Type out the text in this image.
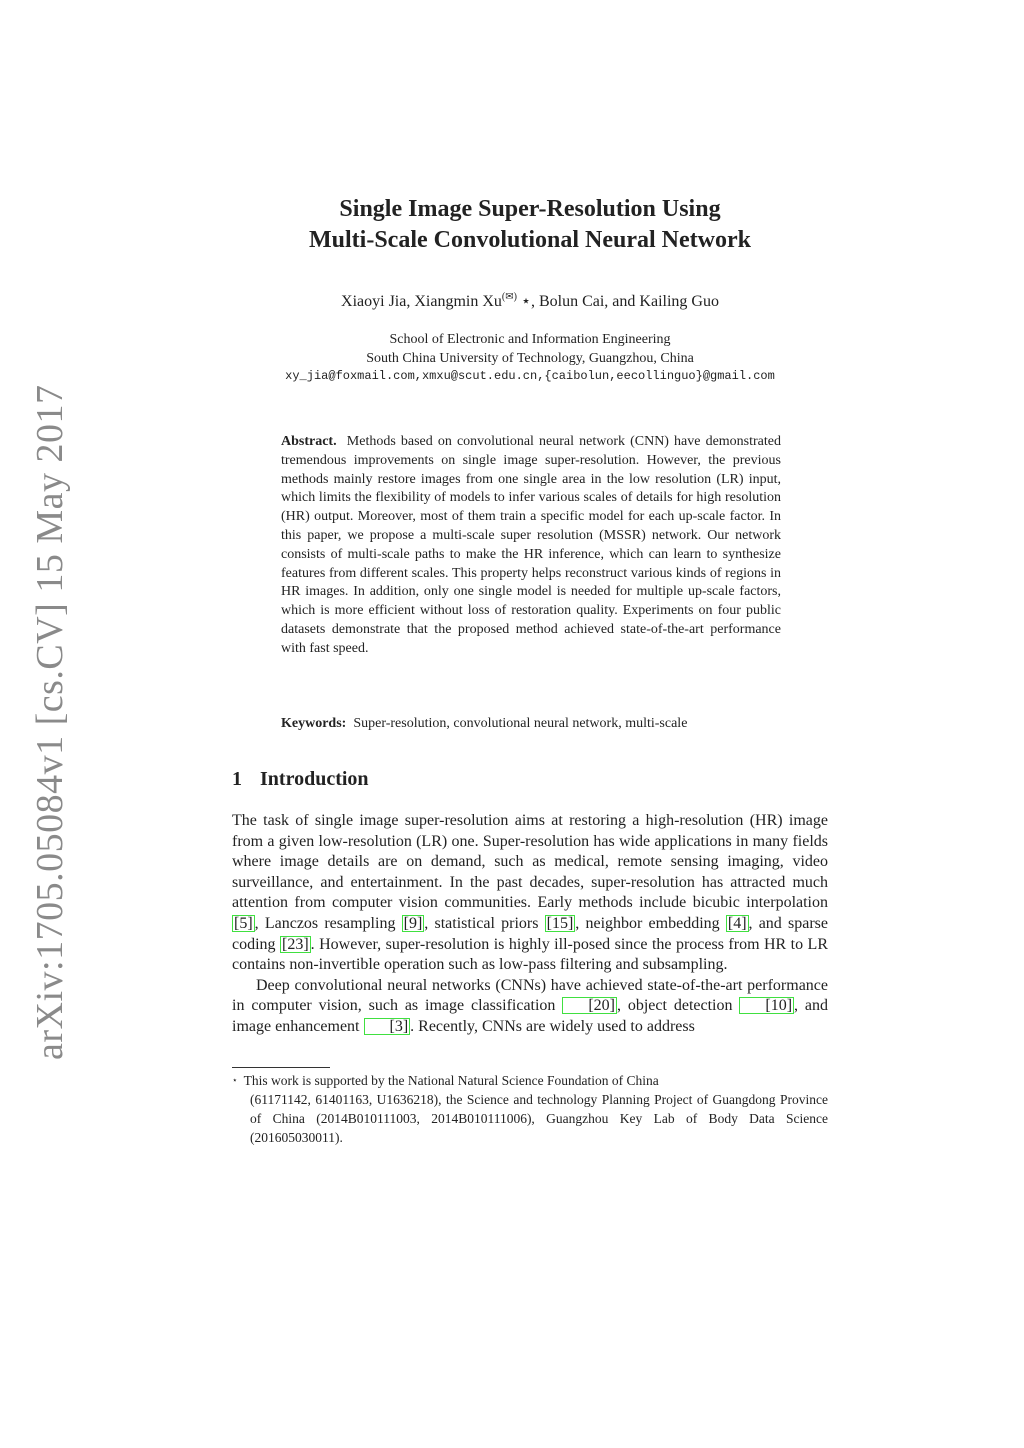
arXiv:1705.05084v1 [cs.CV] 15 May 2017
Single Image Super-Resolution Using
Multi-Scale Convolutional Neural Network
Xiaoyi Jia, Xiangmin Xu(✉) ⋆, Bolun Cai, and Kailing Guo
School of Electronic and Information Engineering
South China University of Technology, Guangzhou, China
xy_jia@foxmail.com,xmxu@scut.edu.cn,{caibolun,eecollinguo}@gmail.com
Abstract. Methods based on convolutional neural network (CNN) have demonstrated tremendous improvements on single image super-resolution. However, the previous methods mainly restore images from one single area in the low resolution (LR) input, which limits the flexibility of models to infer various scales of details for high resolution (HR) output. Moreover, most of them train a specific model for each up-scale factor. In this paper, we propose a multi-scale super resolution (MSSR) network. Our network consists of multi-scale paths to make the HR inference, which can learn to synthesize features from different scales. This property helps reconstruct various kinds of regions in HR images. In addition, only one single model is needed for multiple up-scale factors, which is more efficient without loss of restoration quality. Experiments on four public datasets demonstrate that the proposed method achieved state-of-the-art performance with fast speed.
Keywords: Super-resolution, convolutional neural network, multi-scale
1 Introduction

The task of single image super-resolution aims at restoring a high-resolution (HR) image from a given low-resolution (LR) one. Super-resolution has wide applications in many fields where image details are on demand, such as medical, remote sensing imaging, video surveillance, and entertainment. In the past decades, super-resolution has attracted much attention from computer vision communities. Early methods include bicubic interpolation [5] , Lanczos resampling [9] , statistical priors [15] , neighbor embedding [4] , and sparse coding [23] . However, super-resolution is highly ill-posed since the process from HR to LR contains non-invertible operation such as low-pass filtering and subsampling.

Deep convolutional neural networks (CNNs) have achieved state-of-the-art performance in computer vision, such as image classification [20] , object detection [10] , and image enhancement [3] . Recently, CNNs are widely used to address

⋆ This work is supported by the National Natural Science Foundation of China
(61171142, 61401163, U1636218), the Science and technology Planning Project of Guangdong Province of China (2014B010111003, 2014B010111006), Guangzhou Key Lab of Body Data Science (201605030011).
